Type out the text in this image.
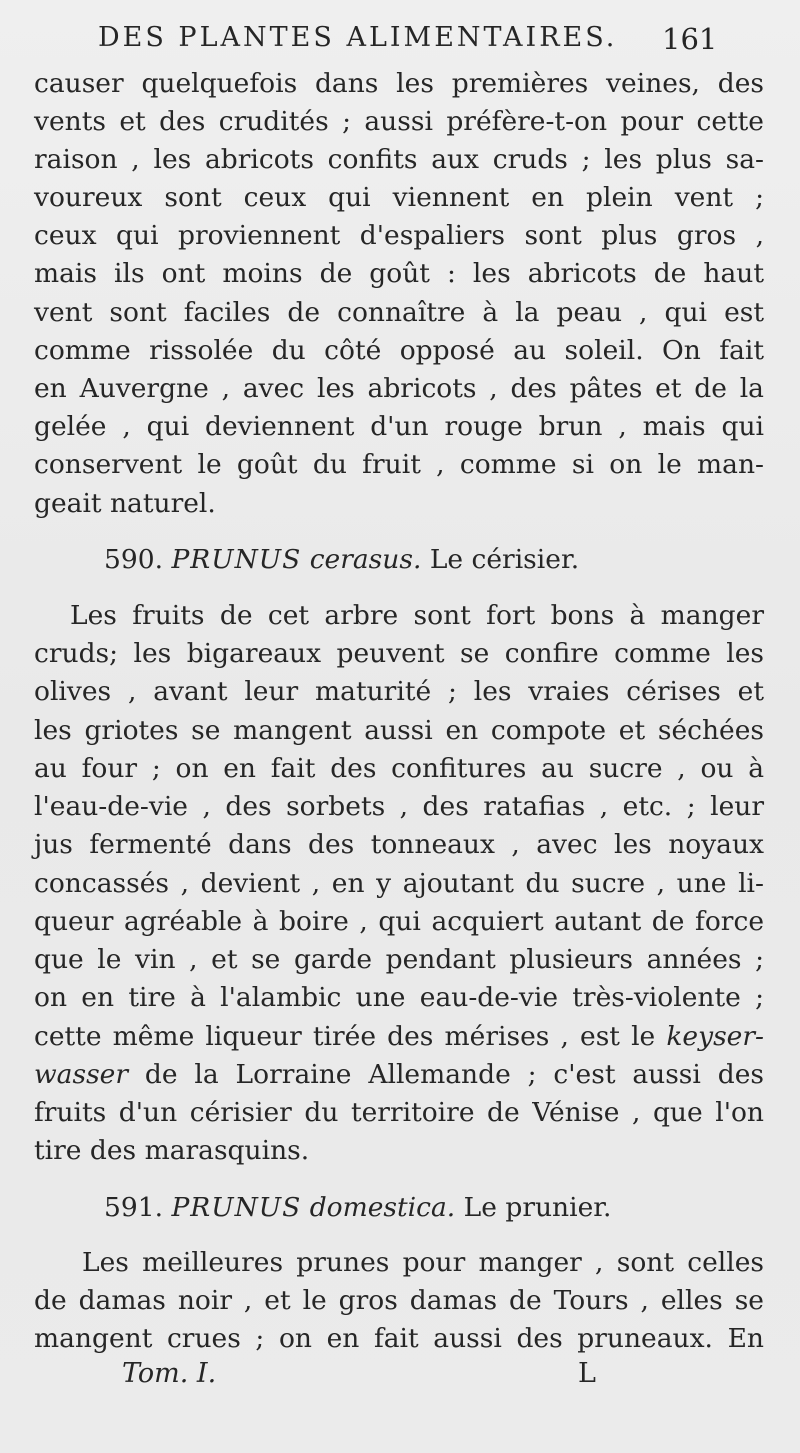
DES PLANTES ALIMENTAIRES.	161
causer quelquefois dans les premières veines, des
vents et des crudités ; aussi préfère-t-on pour cette
raison , les abricots confits aux cruds ; les plus sa-
voureux sont ceux qui viennent en plein vent ;
ceux qui proviennent d'espaliers sont plus gros ,
mais ils ont moins de goût : les abricots de haut
vent sont faciles de connaître à la peau , qui est
comme rissolée du côté opposé au soleil. On fait
en Auvergne , avec les abricots , des pâtes et de la
gelée , qui deviennent d'un rouge brun , mais qui
conservent le goût du fruit , comme si on le man-
geait naturel.
590. PRUNUS cerasus. Le cérisier.
Les fruits de cet arbre sont fort bons à manger
cruds; les bigareaux peuvent se confire comme les
olives , avant leur maturité ; les vraies cérises et
les griotes se mangent aussi en compote et séchées
au four ; on en fait des confitures au sucre , ou à
l'eau-de-vie , des sorbets , des ratafias , etc. ; leur
jus fermenté dans des tonneaux , avec les noyaux
concassés , devient , en y ajoutant du sucre , une li-
queur agréable à boire , qui acquiert autant de force
que le vin , et se garde pendant plusieurs années ;
on en tire à l'alambic une eau-de-vie très-violente ;
cette même liqueur tirée des mérises , est le keyser-
wasser de la Lorraine Allemande ; c'est aussi des
fruits d'un cérisier du territoire de Vénise , que l'on
tire des marasquins.
591. PRUNUS domestica. Le prunier.
Les meilleures prunes pour manger , sont celles
de damas noir , et le gros damas de Tours , elles se
mangent crues ; on en fait aussi des pruneaux. En
Tom. I.	L
